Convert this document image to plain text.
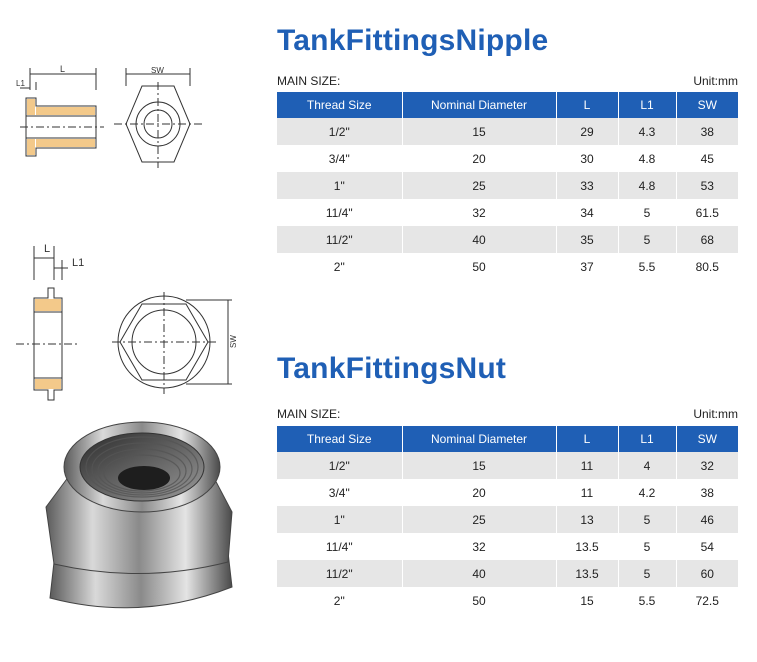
TankFittingsNipple
MAIN SIZE:	Unit:mm
Thread Size	Nominal Diameter	L	L1	SW
1/2"	15	29	4.3	38
3/4"	20	30	4.8	45
1"	25	33	4.8	53
11/4"	32	34	5	61.5
11/2"	40	35	5	68
2"	50	37	5.5	80.5
TankFittingsNut
MAIN SIZE:	Unit:mm
Thread Size	Nominal Diameter	L	L1	SW
1/2"	15	11	4	32
3/4"	20	11	4.2	38
1"	25	13	5	46
11/4"	32	13.5	5	54
11/2"	40	13.5	5	60
2"	50	15	5.5	72.5
L
L1
SW
L
L1
SW
